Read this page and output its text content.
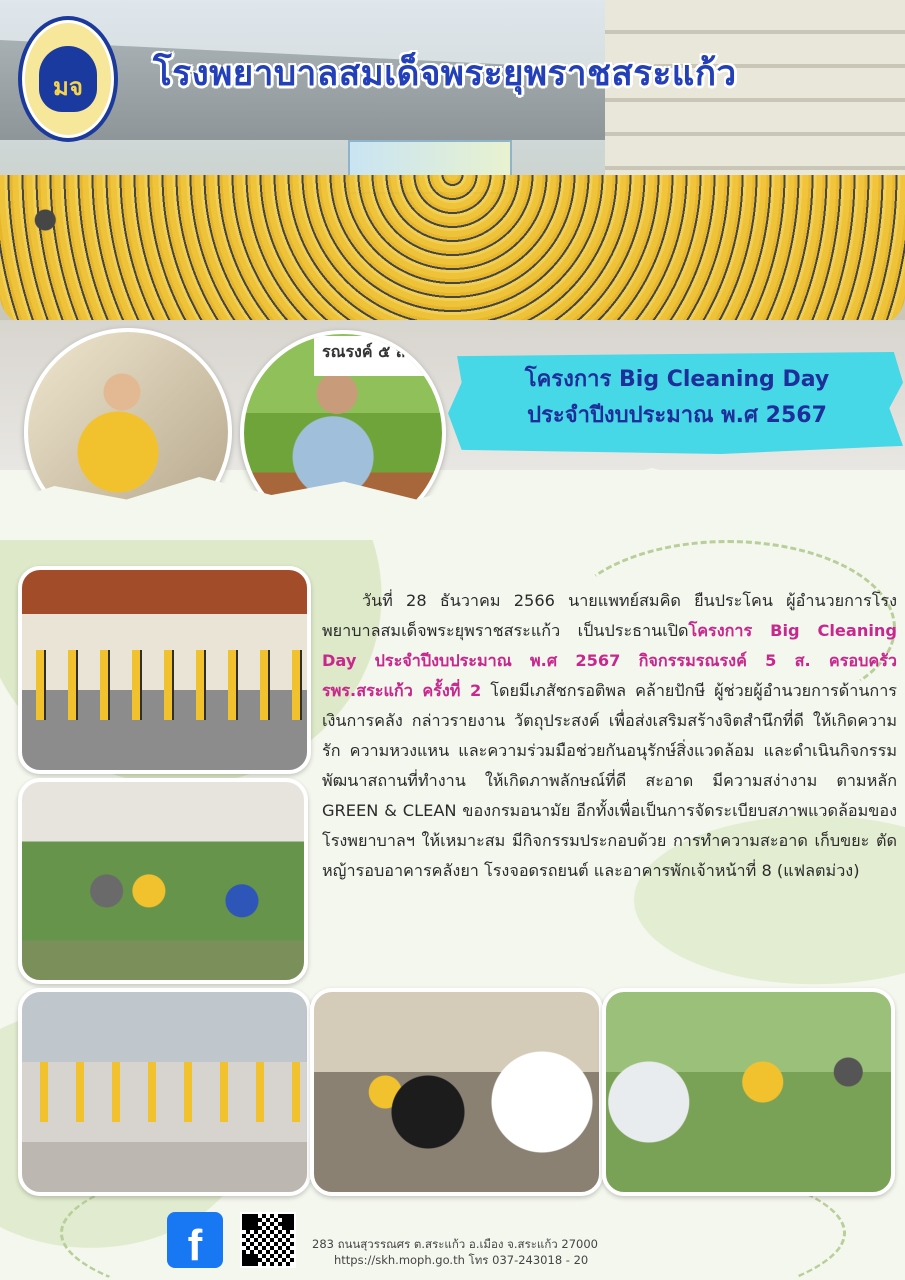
มจ โรงพยาบาลสมเด็จพระยุพราชสระแก้ว
รณรงค์ ๕ ส.
โครงการ Big Cleaning Day
ประจำปีงบประมาณ พ.ศ 2567
วันที่ 28 ธันวาคม 2566 นายแพทย์สมคิด ยืนประโคน ผู้อำนวยการโรงพยาบาลสมเด็จพระยุพราชสระแก้ว เป็นประธานเปิดโครงการ Big Cleaning Day ประจำปีงบประมาณ พ.ศ 2567 กิจกรรมรณรงค์ 5 ส. ครอบครัว รพร.สระแก้ว ครั้งที่ 2 โดยมีเภสัชกรอติพล คล้ายปักษี ผู้ช่วยผู้อำนวยการด้านการเงินการคลัง กล่าวรายงาน วัตถุประสงค์ เพื่อส่งเสริมสร้างจิตสำนึกที่ดี ให้เกิดความรัก ความหวงแหน และความร่วมมือช่วยกันอนุรักษ์สิ่งแวดล้อม และดำเนินกิจกรรมพัฒนาสถานที่ทำงาน ให้เกิดภาพลักษณ์ที่ดี สะอาด มีความสง่างาม ตามหลัก GREEN & CLEAN ของกรมอนามัย อีกทั้งเพื่อเป็นการจัดระเบียบสภาพแวดล้อมของโรงพยาบาลฯ ให้เหมาะสม มีกิจกรรมประกอบด้วย การทำความสะอาด เก็บขยะ ตัดหญ้ารอบอาคารคลังยา โรงจอดรถยนต์ และอาคารพักเจ้าหน้าที่ 8 (แฟลตม่วง)
f	283 ถนนสุวรรณศร ต.สระแก้ว อ.เมือง จ.สระแก้ว 27000
https://skh.moph.go.th โทร 037-243018 - 20
